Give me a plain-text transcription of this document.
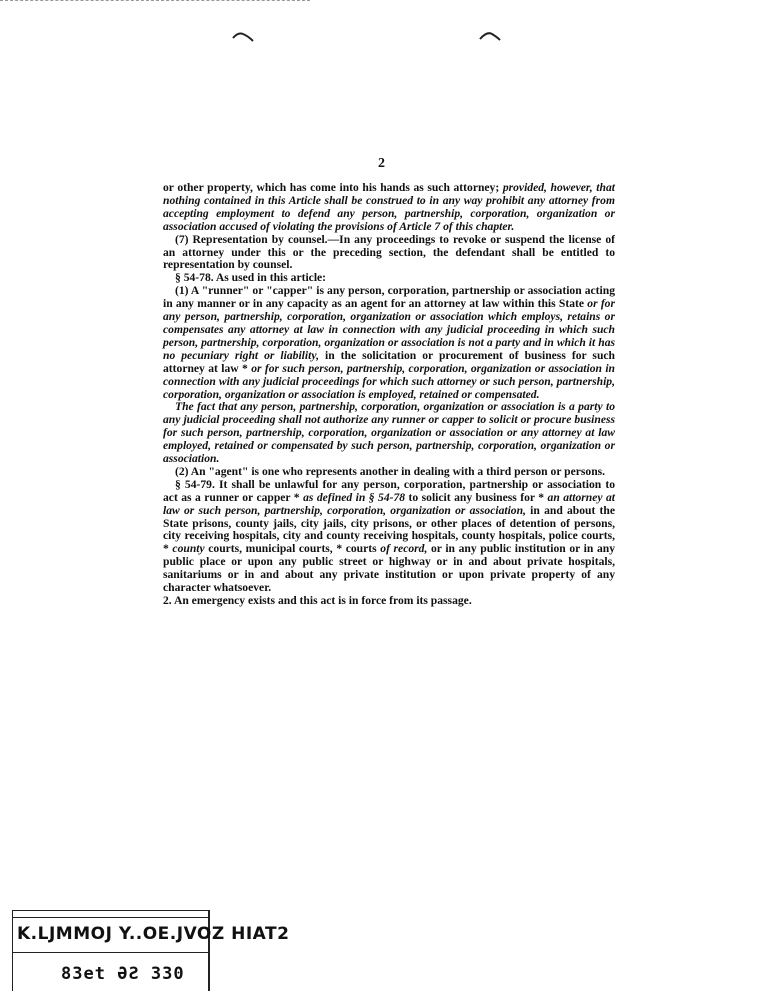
2

or other property, which has come into his hands as such attorney; provided, however, that nothing contained in this Article shall be construed to in any way prohibit any attorney from accepting employment to defend any person, partnership, corporation, organization or association accused of violating the provisions of Article 7 of this chapter.

(7) Representation by counsel.—In any proceedings to revoke or suspend the license of an attorney under this or the preceding section, the defendant shall be entitled to representation by counsel.

§ 54-78. As used in this article:

(1) A "runner" or "capper" is any person, corporation, partnership or association acting in any manner or in any capacity as an agent for an attorney at law within this State or for any person, partnership, corporation, organization or association which employs, retains or compensates any attorney at law in connection with any judicial proceeding in which such person, partnership, corporation, organization or association is not a party and in which it has no pecuniary right or liability, in the solicitation or procurement of business for such attorney at law * or for such person, partnership, corporation, organization or association in connection with any judicial proceedings for which such attorney or such person, partnership, corporation, organization or association is employed, retained or compensated.

The fact that any person, partnership, corporation, organization or association is a party to any judicial proceeding shall not authorize any runner or capper to solicit or procure business for such person, partnership, corporation, organization or association or any attorney at law employed, retained or compensated by such person, partnership, corporation, organization or association.

(2) An "agent" is one who represents another in dealing with a third person or persons.

§ 54-79. It shall be unlawful for any person, corporation, partnership or association to act as a runner or capper * as defined in § 54-78 to solicit any business for * an attorney at law or such person, partnership, corporation, organization or association, in and about the State prisons, county jails, city jails, city prisons, or other places of detention of persons, city receiving hospitals, city and county receiving hospitals, county hospitals, police courts, * county courts, municipal courts, * courts of record, or in any public institution or in any public place or upon any public street or highway or in and about private hospitals, sanitariums or in and about any private institution or upon private property of any character whatsoever.

2. An emergency exists and this act is in force from its passage.

K.LJMMOJ Y..OE.JVOZ HIAT2
83et ƏƧ 330
